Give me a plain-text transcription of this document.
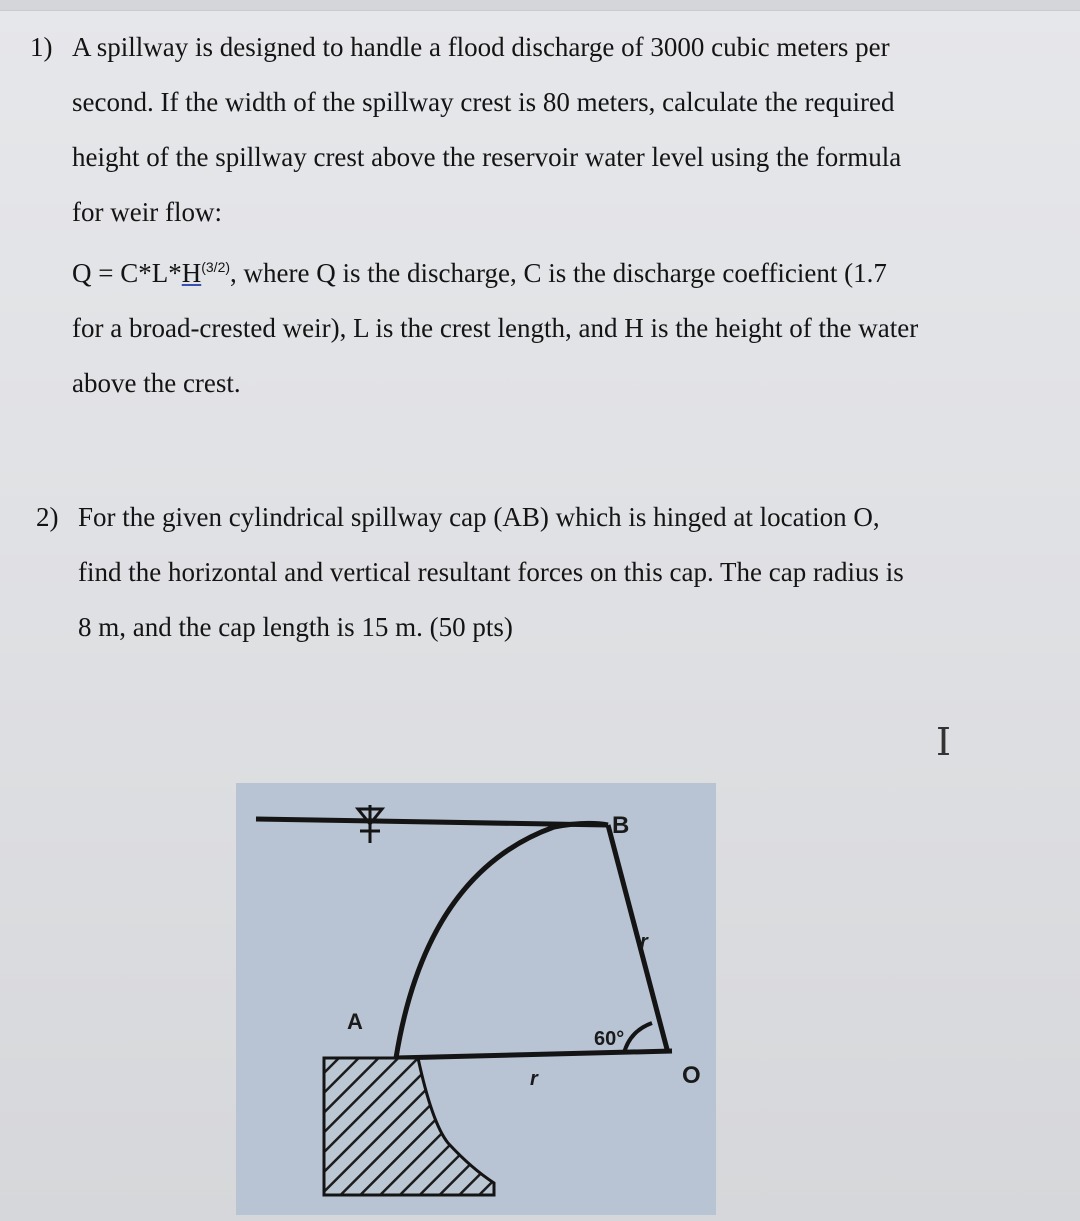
1) A spillway is designed to handle a flood discharge of 3000 cubic meters per
second. If the width of the spillway crest is 80 meters, calculate the required
height of the spillway crest above the reservoir water level using the formula
for weir flow:
$Q = C*L*H^{(3/2)}$, where Q is the discharge, C is the discharge coefficient (1.7
for a broad-crested weir), L is the crest length, and H is the height of the water
above the crest.
2) For the given cylindrical spillway cap (AB) which is hinged at location O,
find the horizontal and vertical resultant forces on this cap. The cap radius is
8 m, and the cap length is 15 m. (50 pts)
I
A
B
O
r
r
60°
